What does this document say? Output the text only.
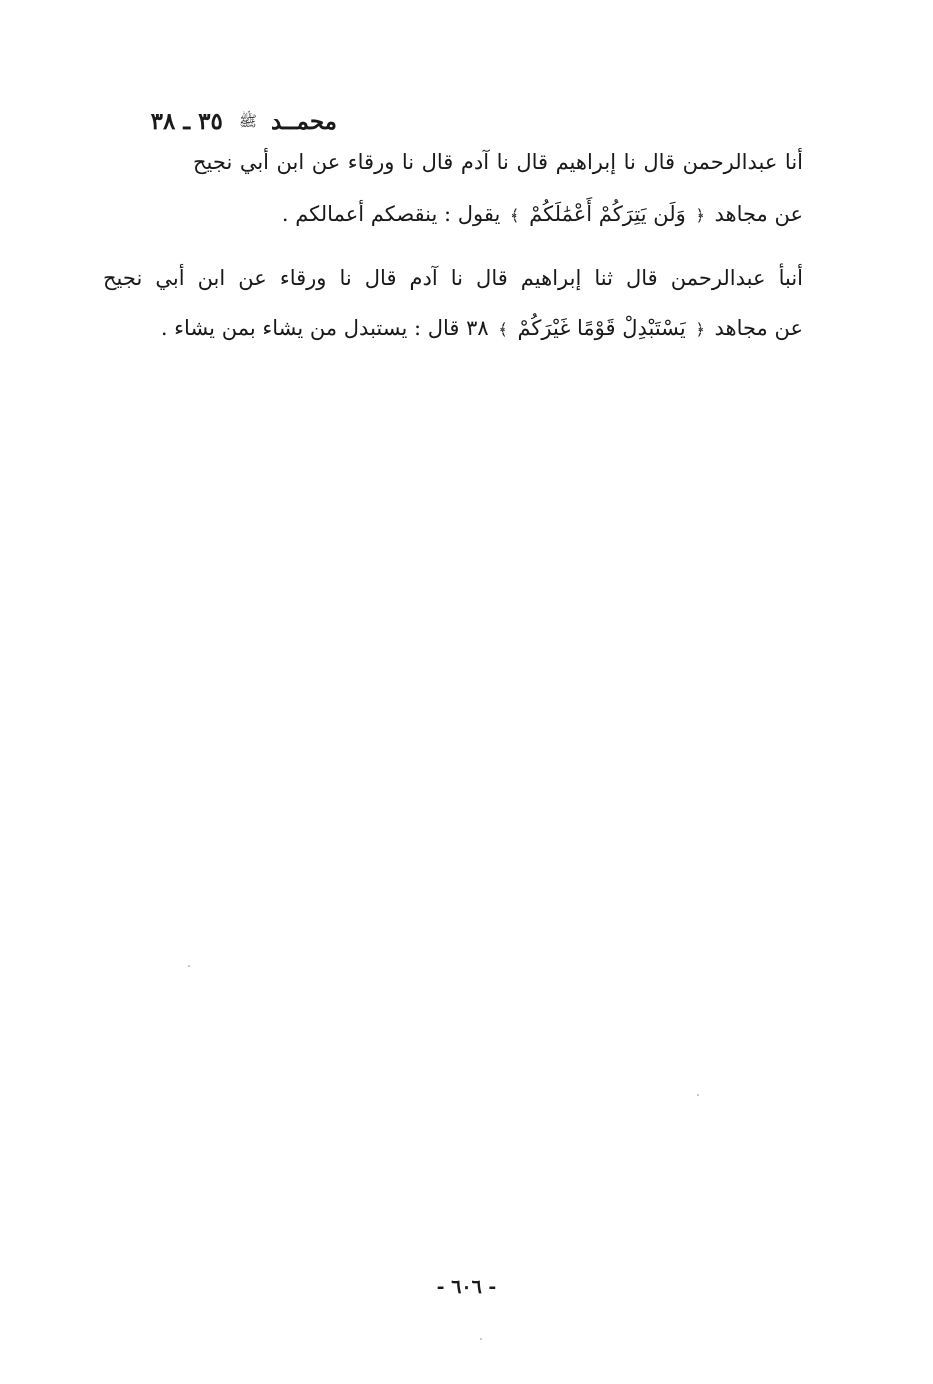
محمــد ﷺ ٣٥ ـ ٣٨
أنا عبدالرحمن قال نا إبراهيم قال نا آدم قال نا ورقاء عن ابن أبي نجيح
عن مجاهد ﴿ وَلَن يَتِرَكُمْ أَعْمَٰلَكُمْ ﴾ يقول : ينقصكم أعمالكم .
أنبأ عبدالرحمن قال ثنا إبراهيم قال نا آدم قال نا ورقاء عن ابن أبي نجيح
عن مجاهد ﴿ يَسْتَبْدِلْ قَوْمًا غَيْرَكُمْ ﴾ ٣٨ قال : يستبدل من يشاء بمن يشاء .
- ٦٠٦ -
